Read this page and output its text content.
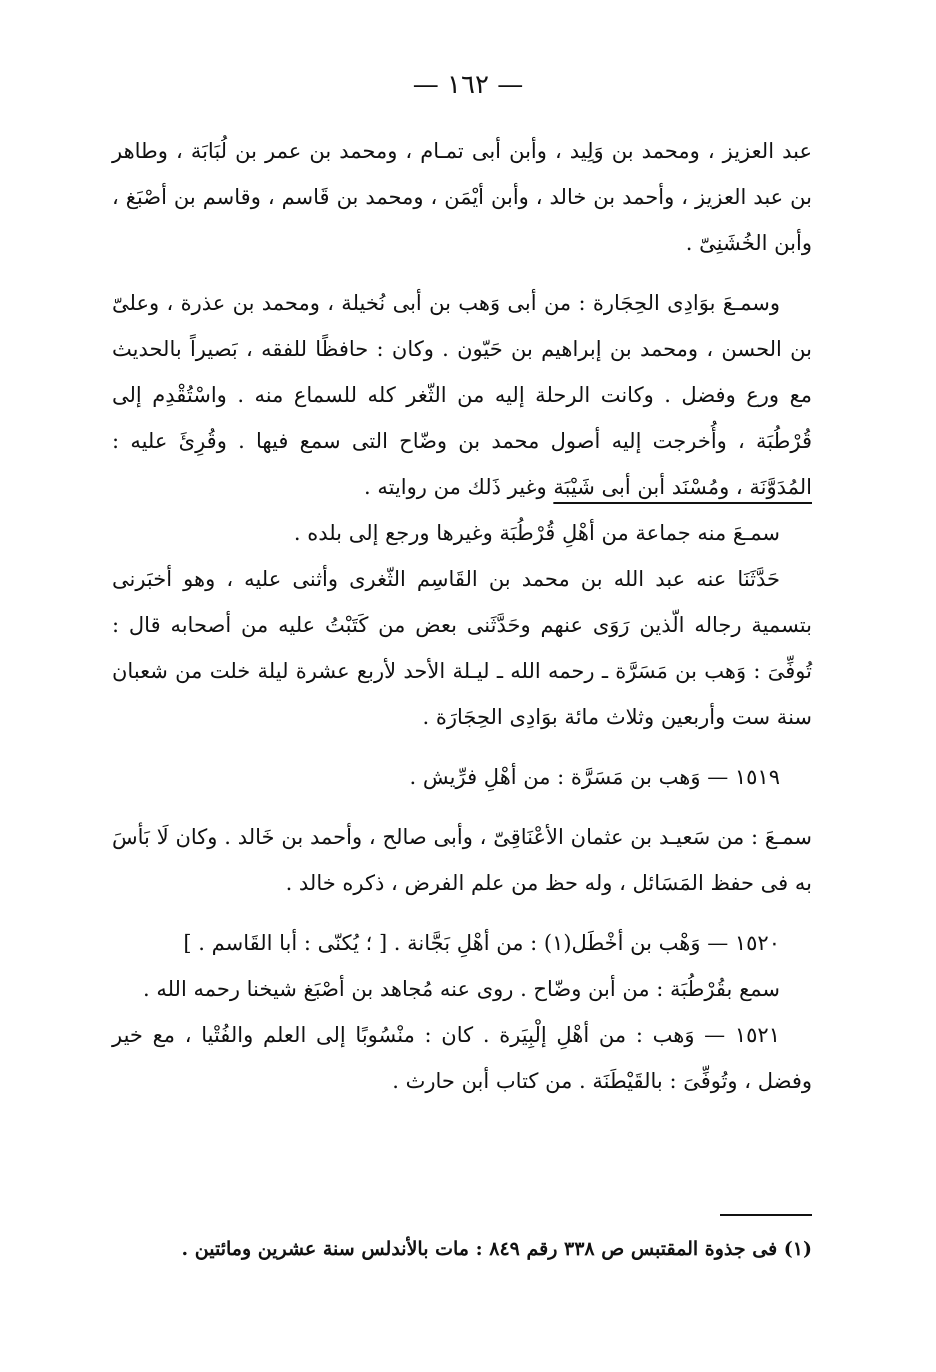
— ١٦٢ —

عبد العزيز ، ومحمد بن وَلِيد ، وأبن أبى تمـام ، ومحمد بن عمر بن لُبَابَة ، وطاهر بن عبد العزيز ، وأحمد بن خالد ، وأبن أيْمَن ، ومحمد بن قَاسم ، وقاسم بن أصْبَغ ، وأبن الخُشَنِىّ .

وسمـعَ بوَادِى الحِجَارة : من أبى وَهب بن أبى نُخيلة ، ومحمد بن عذرة ، وعلىّ بن الحسن ، ومحمد بن إبراهيم بن حَيّون . وكان : حافظًا للفقه ، بَصيراً بالحديث مع ورع وفضل . وكانت الرحلة إليه من الثّغر كله للسماع منه . واسْتُقْدِم إلى قُرْطُبَة ، وأُخرجت إليه أصول محمد بن وضّاح التى سمع فيها . وقُرِئَ عليه : المُدَوَّنَة ، ومُسْنَد أبن أبى شَيْبَة وغير ذَلك من روايته .

سمـعَ منه جماعة من أهْلِ قُرْطُبَة وغيرها ورجع إلى بلده .

حَدَّثَنَا عنه عبد الله بن محمد بن القَاسِم الثّغرى وأثنى عليه ، وهو أخبَرنى بتسمية رجاله الّذين رَوَى عنهم وحَدَّثَنى بعض من كَتَبْتُ عليه من أصحابه قال : تُوفِّىَ : وَهب بن مَسَرَّة ـ رحمه الله ـ ليـلة الأحد لأربع عشرة ليلة خلت من شعبان سنة ست وأربعين وثلاث مائة بوَادِى الحِجَارَة .

١٥١٩ — وَهب بن مَسَرَّة : من أهْلِ فرِّيش .

سمـعَ : من سَعيـد بن عثمان الأعْنَاقِىّ ، وأبى صالح ، وأحمد بن خَالد . وكان لَا بَأسَ به فى حفظ المَسَائل ، وله حظ من علم الفرض ، ذكره خالد .

١٥٢٠ — وَهْب بن أخْطَل(١) : من أهْلِ بَجَّانة . [ ؛ يُكنّى : أبا القَاسم . ]

سمع بقُرْطُبَة : من أبن وضّاح . روى عنه مُجاهد بن أصْبَغ شيخنا رحمه الله .

١٥٢١ — وَهب : من أهْلِ إلْبِيَرة . كان : منْسُوبًا إلى العلم والفُتْيا ، مع خير وفضل ، وتُوفِّىَ : بالقَيْطَنَة . من كتاب أبن حارث .

(١) فى جذوة المقتبس ص ٣٣٨ رقم ٨٤٩ : مات بالأندلس سنة عشرين ومائتين .
